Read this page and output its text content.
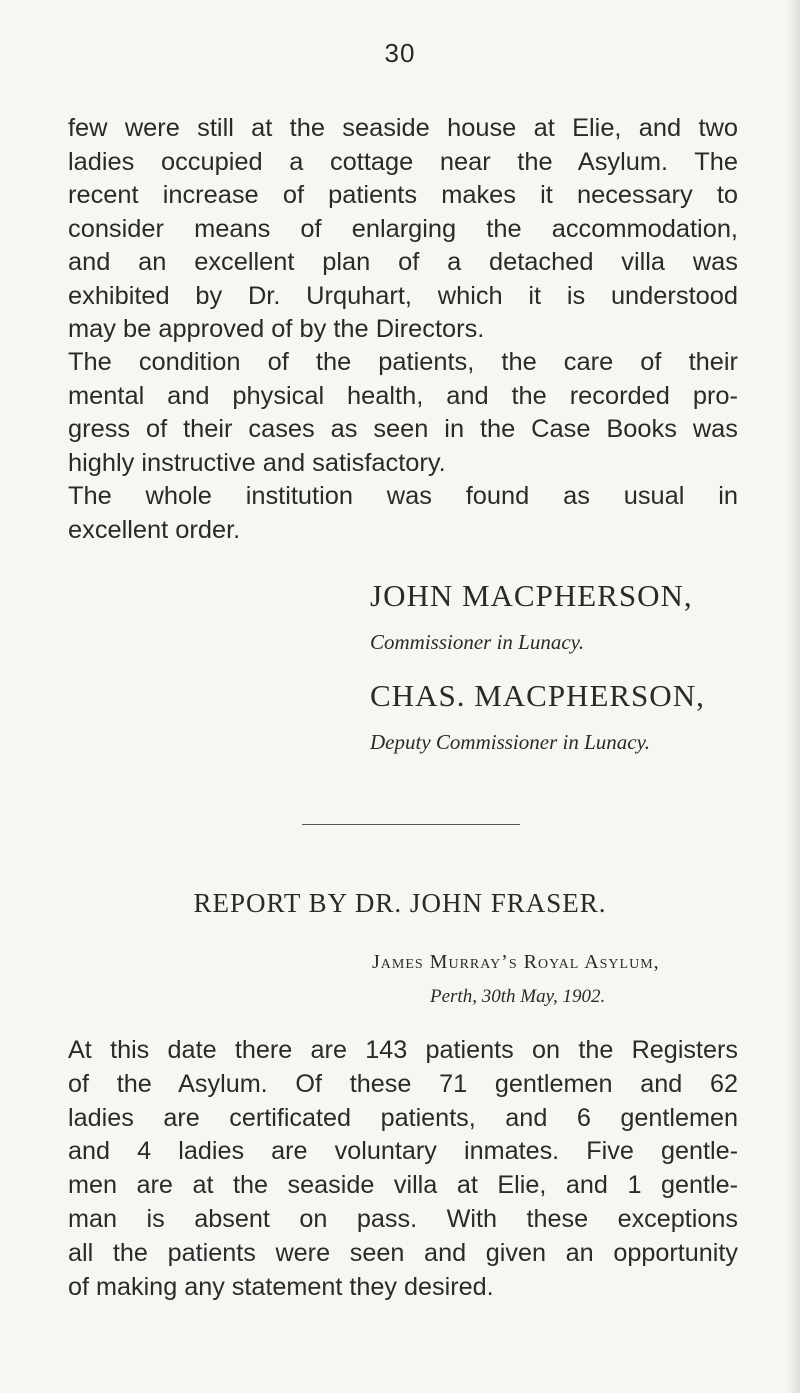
30

few were still at the seaside house at Elie, and two
ladies occupied a cottage near the Asylum. The
recent increase of patients makes it necessary to
consider means of enlarging the accommodation,
and an excellent plan of a detached villa was
exhibited by Dr. Urquhart, which it is understood
may be approved of by the Directors.

The condition of the patients, the care of their
mental and physical health, and the recorded pro-
gress of their cases as seen in the Case Books was
highly instructive and satisfactory.

The whole institution was found as usual in
excellent order.

JOHN MACPHERSON,
Commissioner in Lunacy.
CHAS. MACPHERSON,
Deputy Commissioner in Lunacy.
REPORT BY DR. JOHN FRASER.
James Murray’s Royal Asylum,
Perth, 30th May, 1902.

At this date there are 143 patients on the Registers
of the Asylum. Of these 71 gentlemen and 62
ladies are certificated patients, and 6 gentlemen
and 4 ladies are voluntary inmates. Five gentle-
men are at the seaside villa at Elie, and 1 gentle-
man is absent on pass. With these exceptions
all the patients were seen and given an opportunity
of making any statement they desired.
